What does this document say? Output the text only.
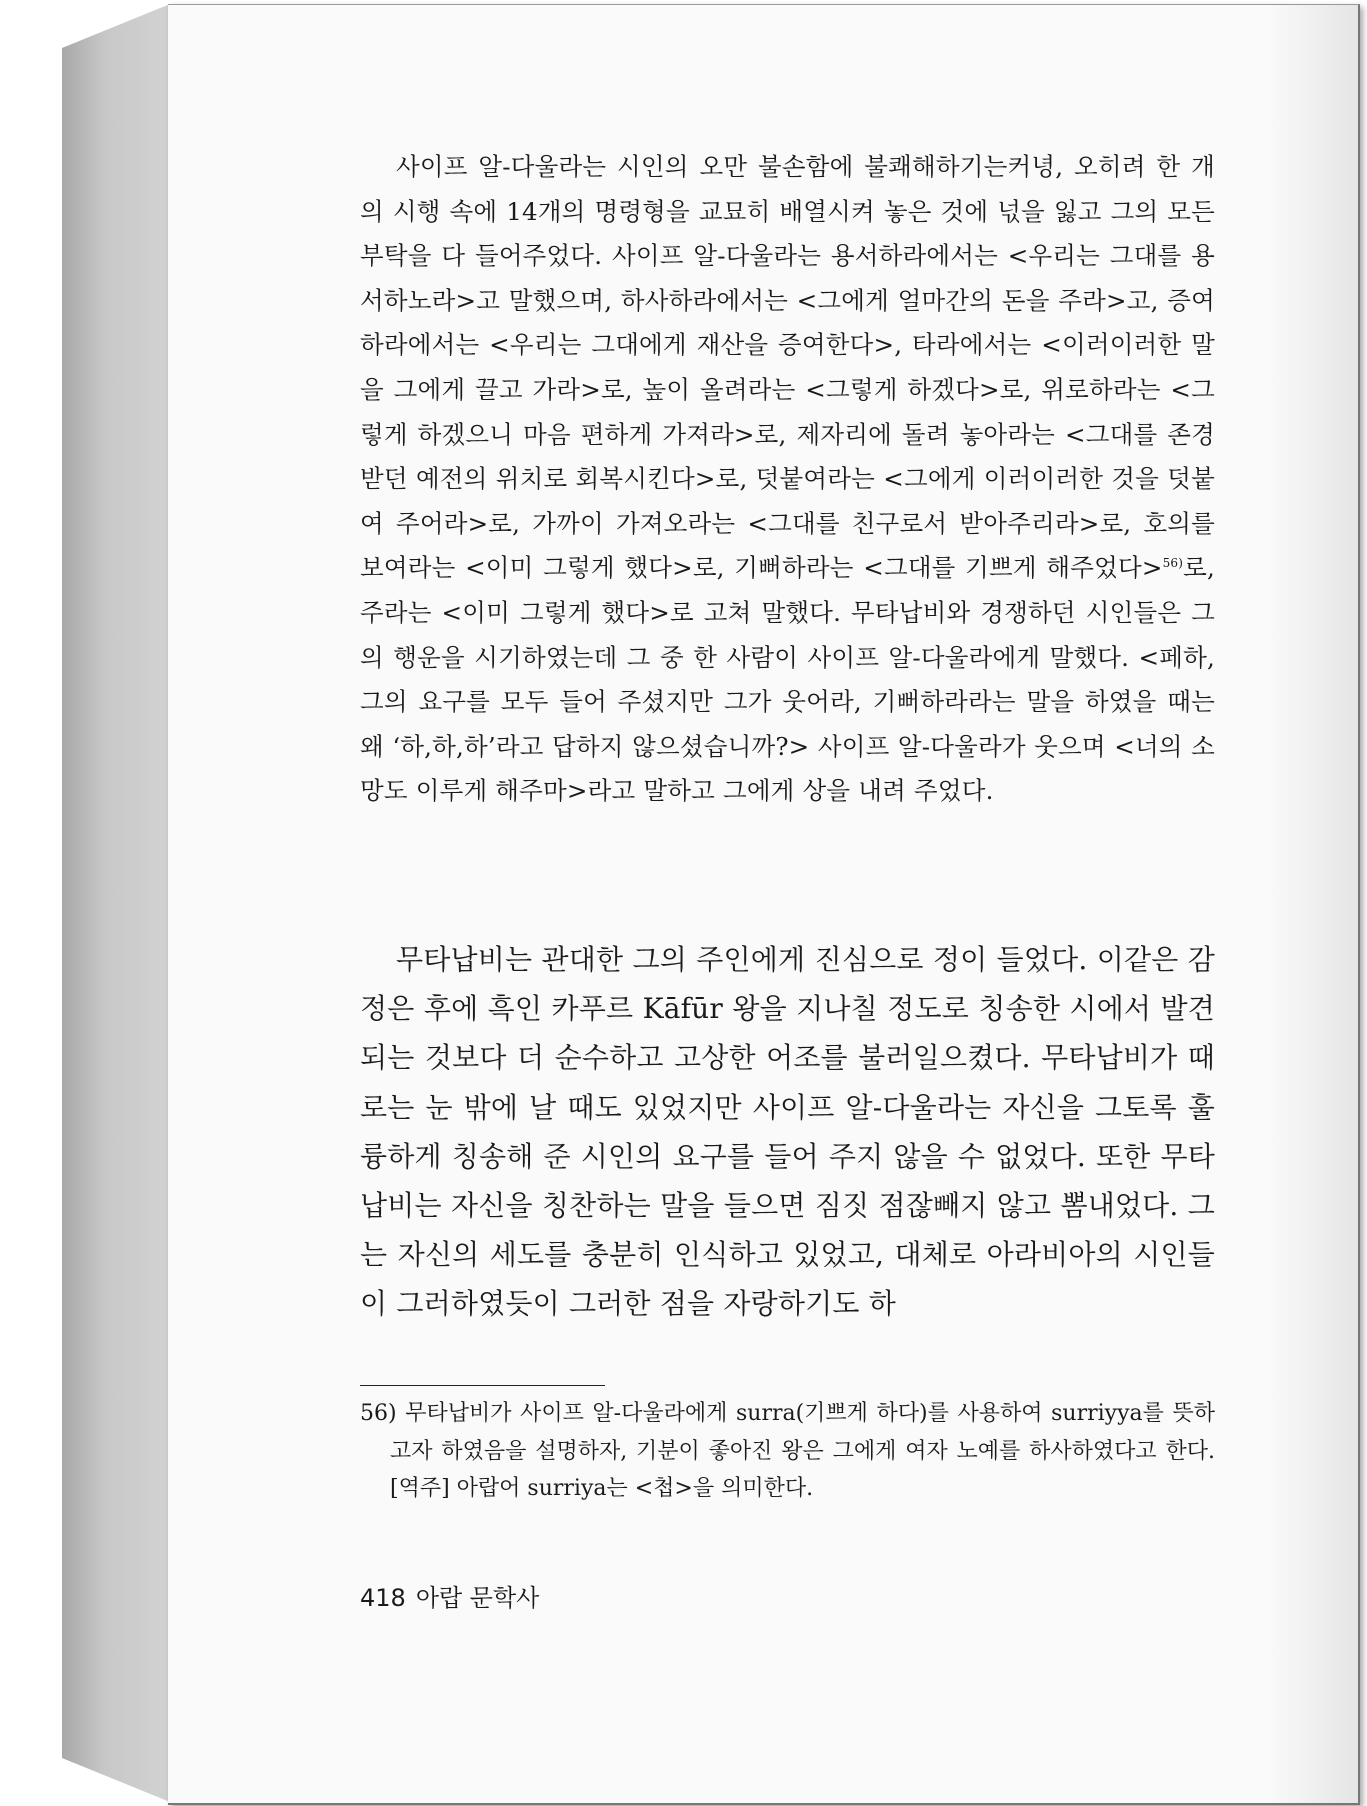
사이프 알-다울라는 시인의 오만 불손함에 불쾌해하기는커녕, 오히려 한 개의 시행 속에 14개의 명령형을 교묘히 배열시켜 놓은 것에 넋을 잃고 그의 모든 부탁을 다 들어주었다. 사이프 알-다울라는 용서하라에서는 <우리는 그대를 용서하노라>고 말했으며, 하사하라에서는 <그에게 얼마간의 돈을 주라>고, 증여하라에서는 <우리는 그대에게 재산을 증여한다>, 타라에서는 <이러이러한 말을 그에게 끌고 가라>로, 높이 올려라는 <그렇게 하겠다>로, 위로하라는 <그렇게 하겠으니 마음 편하게 가져라>로, 제자리에 돌려 놓아라는 <그대를 존경받던 예전의 위치로 회복시킨다>로, 덧붙여라는 <그에게 이러이러한 것을 덧붙여 주어라>로, 가까이 가져오라는 <그대를 친구로서 받아주리라>로, 호의를 보여라는 <이미 그렇게 했다>로, 기뻐하라는 <그대를 기쁘게 해주었다>$^{56)}$로, 주라는 <이미 그렇게 했다>로 고쳐 말했다. 무타납비와 경쟁하던 시인들은 그의 행운을 시기하였는데 그 중 한 사람이 사이프 알-다울라에게 말했다. <페하, 그의 요구를 모두 들어 주셨지만 그가 웃어라, 기뻐하라라는 말을 하였을 때는 왜 ‘하,하,하’라고 답하지 않으셨습니까?> 사이프 알-다울라가 웃으며 <너의 소망도 이루게 해주마>라고 말하고 그에게 상을 내려 주었다.

무타납비는 관대한 그의 주인에게 진심으로 정이 들었다. 이같은 감정은 후에 흑인 카푸르 Kāfūr 왕을 지나칠 정도로 칭송한 시에서 발견되는 것보다 더 순수하고 고상한 어조를 불러일으켰다. 무타납비가 때로는 눈 밖에 날 때도 있었지만 사이프 알-다울라는 자신을 그토록 훌륭하게 칭송해 준 시인의 요구를 들어 주지 않을 수 없었다. 또한 무타납비는 자신을 칭찬하는 말을 들으면 짐짓 점잖빼지 않고 뽐내었다. 그는 자신의 세도를 충분히 인식하고 있었고, 대체로 아라비아의 시인들이 그러하였듯이 그러한 점을 자랑하기도 하

56) 무타납비가 사이프 알-다울라에게 surra(기쁘게 하다)를 사용하여 surriyya를 뜻하고자 하였음을 설명하자, 기분이 좋아진 왕은 그에게 여자 노예를 하사하였다고 한다. [역주] 아랍어 surriya는 <첩>을 의미한다.

418 아랍 문학사
